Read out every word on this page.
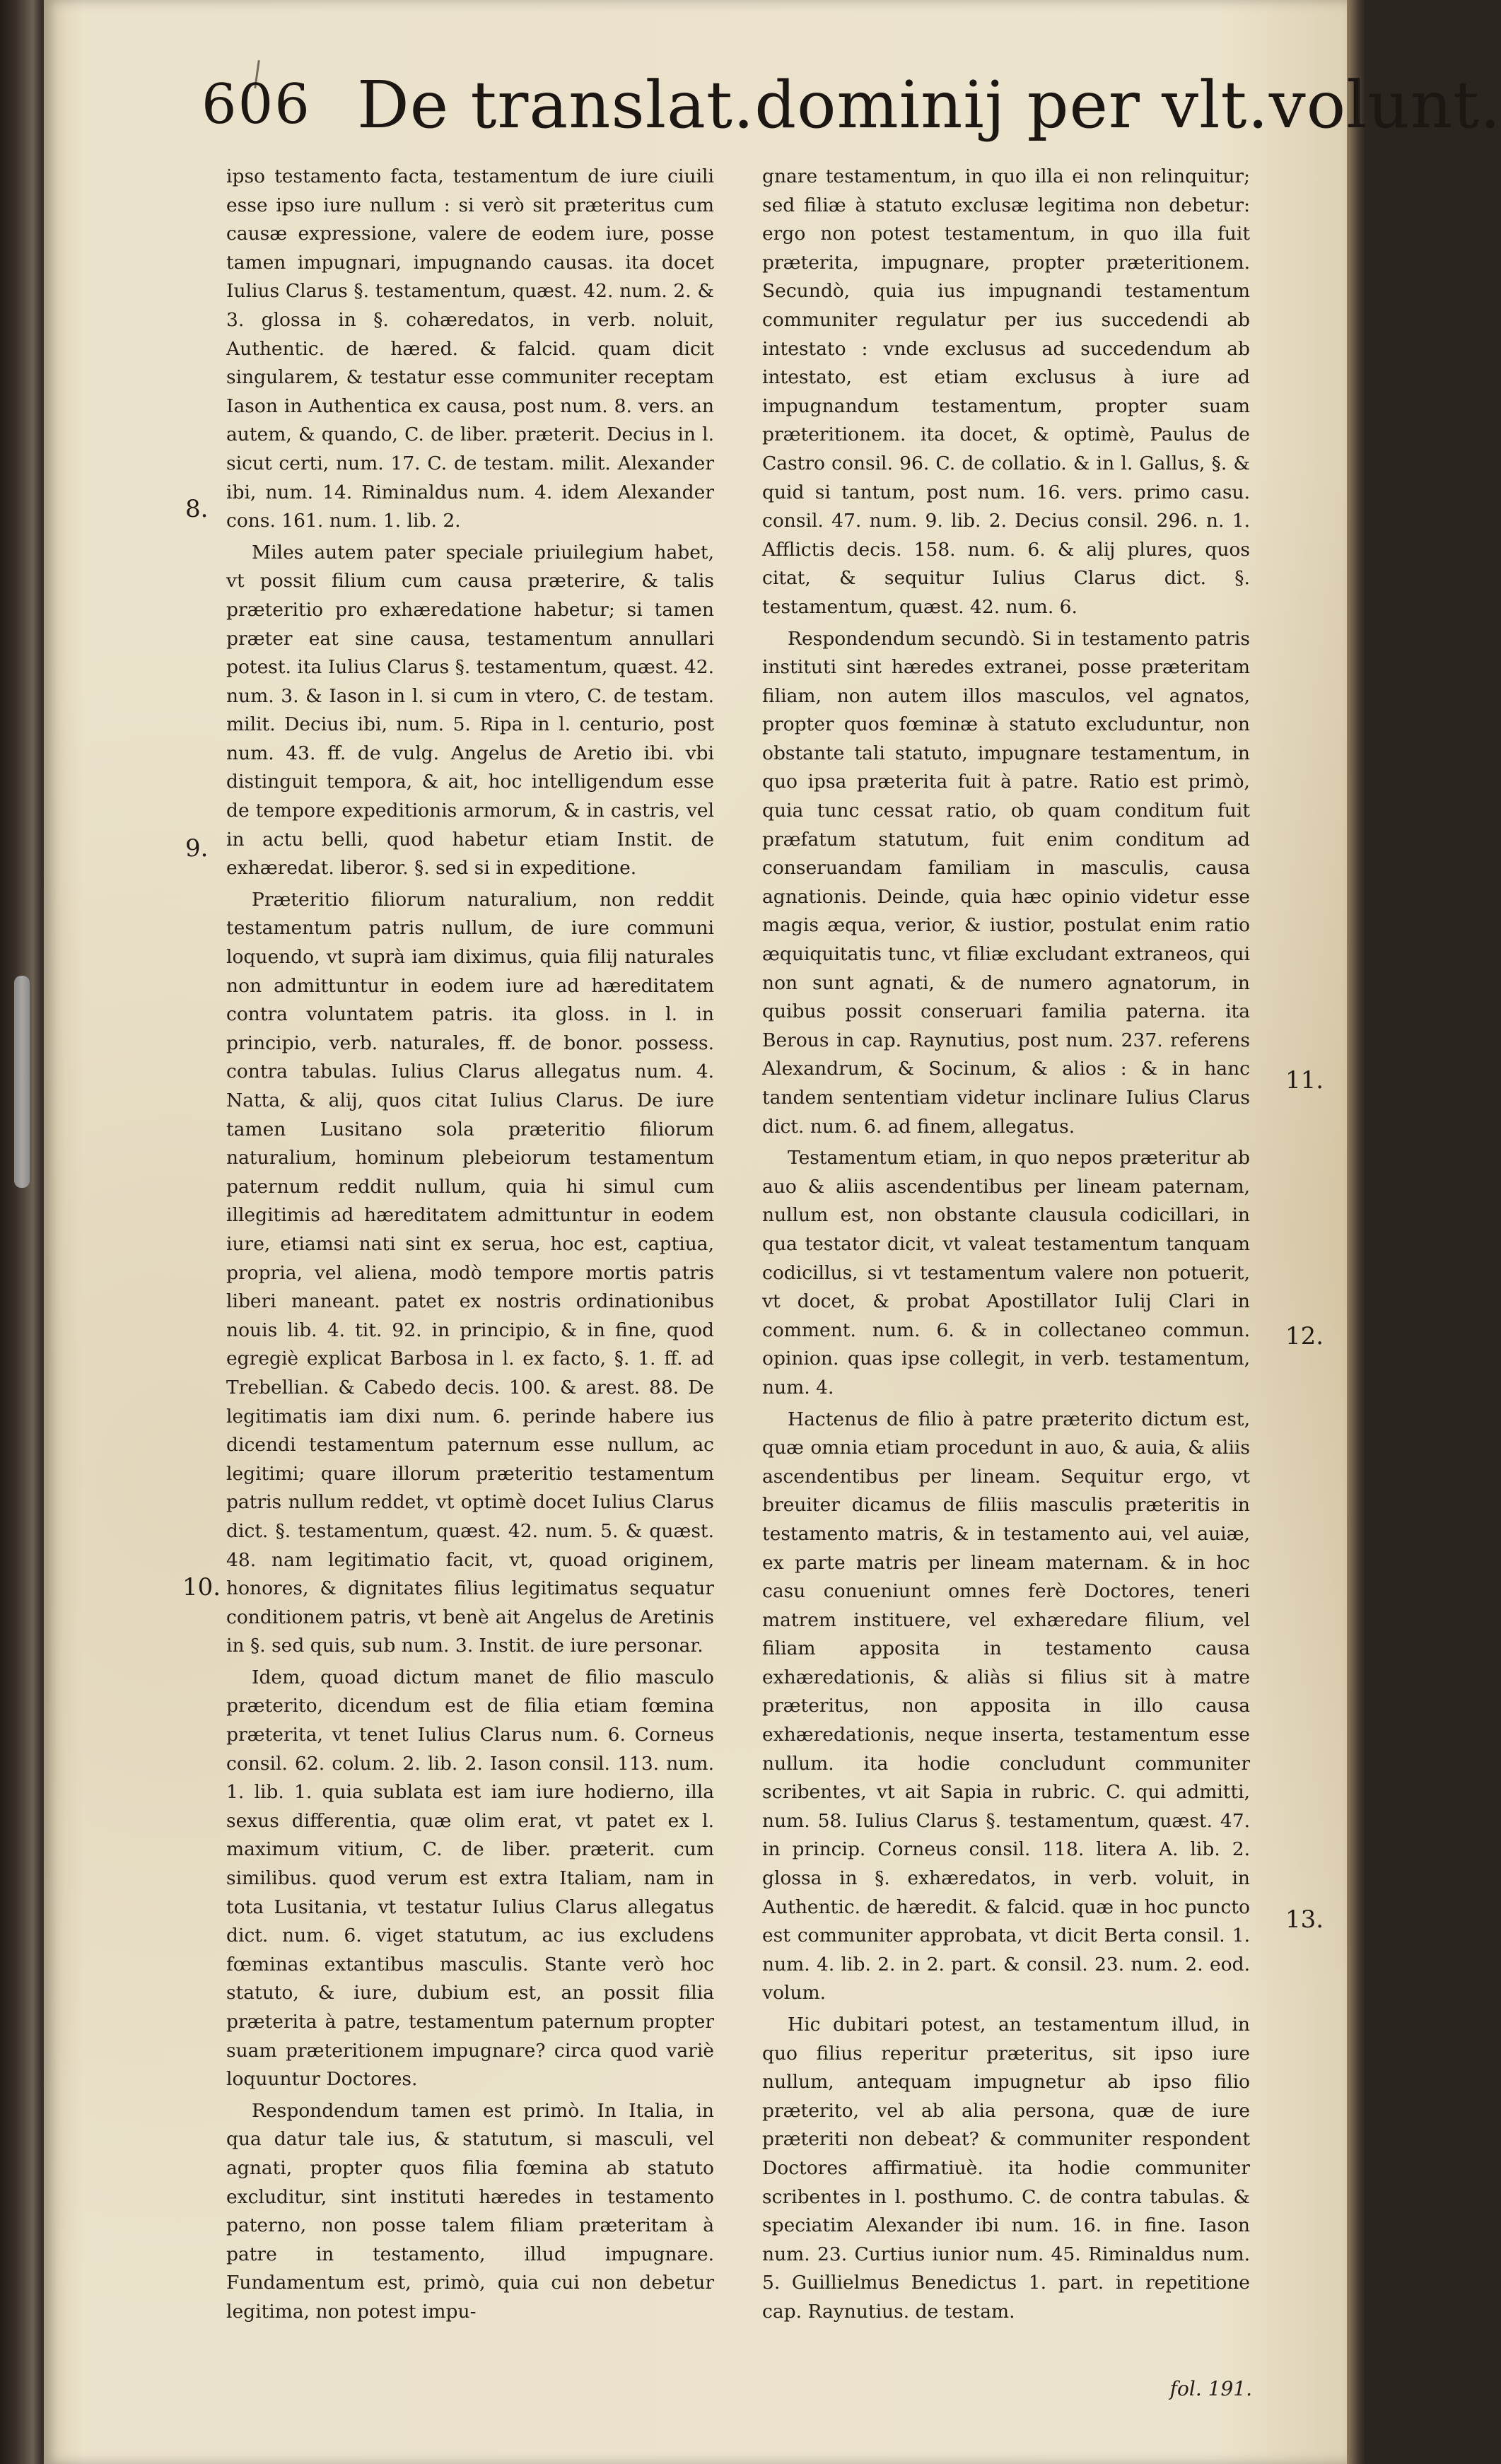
606 De translat.dominij per vlt.volunt.

ipso testamento facta, testamentum de iure ciuili esse ipso iure nullum : si verò sit præteritus cum causæ expressione, valere de eodem iure, posse tamen impugnari, impugnando causas. ita docet Iulius Clarus §. testamentum, quæst. 42. num. 2. & 3. glossa in §. cohæredatos, in verb. noluit, Authentic. de hæred. & falcid. quam dicit singularem, & testatur esse communiter receptam Iason in Authentica ex causa, post num. 8. vers. an autem, & quando, C. de liber. præterit. Decius in l. sicut certi, num. 17. C. de testam. milit. Alexander ibi, num. 14. Riminaldus num. 4. idem Alexander cons. 161. num. 1. lib. 2.

Miles autem pater speciale priuilegium habet, vt possit filium cum causa præterire, & talis præteritio pro exhæredatione habetur; si tamen præter eat sine causa, testamentum annullari potest. ita Iulius Clarus §. testamentum, quæst. 42. num. 3. & Iason in l. si cum in vtero, C. de testam. milit. Decius ibi, num. 5. Ripa in l. centurio, post num. 43. ff. de vulg. Angelus de Aretio ibi. vbi distinguit tempora, & ait, hoc intelligendum esse de tempore expeditionis armorum, & in castris, vel in actu belli, quod habetur etiam Instit. de exhæredat. liberor. §. sed si in expeditione.

Præteritio filiorum naturalium, non reddit testamentum patris nullum, de iure communi loquendo, vt suprà iam diximus, quia filij naturales non admittuntur in eodem iure ad hæreditatem contra voluntatem patris. ita gloss. in l. in principio, verb. naturales, ff. de bonor. possess. contra tabulas. Iulius Clarus allegatus num. 4. Natta, & alij, quos citat Iulius Clarus. De iure tamen Lusitano sola præteritio filiorum naturalium, hominum plebeiorum testamentum paternum reddit nullum, quia hi simul cum illegitimis ad hæreditatem admittuntur in eodem iure, etiamsi nati sint ex serua, hoc est, captiua, propria, vel aliena, modò tempore mortis patris liberi maneant. patet ex nostris ordinationibus nouis lib. 4. tit. 92. in principio, & in fine, quod egregiè explicat Barbosa in l. ex facto, §. 1. ff. ad Trebellian. & Cabedo decis. 100. & arest. 88. De legitimatis iam dixi num. 6. perinde habere ius dicendi testamentum paternum esse nullum, ac legitimi; quare illorum præteritio testamentum patris nullum reddet, vt optimè docet Iulius Clarus dict. §. testamentum, quæst. 42. num. 5. & quæst. 48. nam legitimatio facit, vt, quoad originem, honores, & dignitates filius legitimatus sequatur conditionem patris, vt benè ait Angelus de Aretinis in §. sed quis, sub num. 3. Instit. de iure personar.

Idem, quoad dictum manet de filio masculo præterito, dicendum est de filia etiam fœmina præterita, vt tenet Iulius Clarus num. 6. Corneus consil. 62. colum. 2. lib. 2. Iason consil. 113. num. 1. lib. 1. quia sublata est iam iure hodierno, illa sexus differentia, quæ olim erat, vt patet ex l. maximum vitium, C. de liber. præterit. cum similibus. quod verum est extra Italiam, nam in tota Lusitania, vt testatur Iulius Clarus allegatus dict. num. 6. viget statutum, ac ius excludens fœminas extantibus masculis. Stante verò hoc statuto, & iure, dubium est, an possit filia præterita à patre, testamentum paternum propter suam præteritionem impugnare? circa quod variè loquuntur Doctores.

Respondendum tamen est primò. In Italia, in qua datur tale ius, & statutum, si masculi, vel agnati, propter quos filia fœmina ab statuto excluditur, sint instituti hæredes in testamento paterno, non posse talem filiam præteritam à patre in testamento, illud impugnare. Fundamentum est, primò, quia cui non debetur legitima, non potest impu-

gnare testamentum, in quo illa ei non relinquitur; sed filiæ à statuto exclusæ legitima non debetur: ergo non potest testamentum, in quo illa fuit præterita, impugnare, propter præteritionem. Secundò, quia ius impugnandi testamentum communiter regulatur per ius succedendi ab intestato : vnde exclusus ad succedendum ab intestato, est etiam exclusus à iure ad impugnandum testamentum, propter suam præteritionem. ita docet, & optimè, Paulus de Castro consil. 96. C. de collatio. & in l. Gallus, §. & quid si tantum, post num. 16. vers. primo casu. consil. 47. num. 9. lib. 2. Decius consil. 296. n. 1. Afflictis decis. 158. num. 6. & alij plures, quos citat, & sequitur Iulius Clarus dict. §. testamentum, quæst. 42. num. 6.

Respondendum secundò. Si in testamento patris instituti sint hæredes extranei, posse præteritam filiam, non autem illos masculos, vel agnatos, propter quos fœminæ à statuto excluduntur, non obstante tali statuto, impugnare testamentum, in quo ipsa præterita fuit à patre. Ratio est primò, quia tunc cessat ratio, ob quam conditum fuit præfatum statutum, fuit enim conditum ad conseruandam familiam in masculis, causa agnationis. Deinde, quia hæc opinio videtur esse magis æqua, verior, & iustior, postulat enim ratio æquiquitatis tunc, vt filiæ excludant extraneos, qui non sunt agnati, & de numero agnatorum, in quibus possit conseruari familia paterna. ita Berous in cap. Raynutius, post num. 237. referens Alexandrum, & Socinum, & alios : & in hanc tandem sententiam videtur inclinare Iulius Clarus dict. num. 6. ad finem, allegatus.

Testamentum etiam, in quo nepos præteritur ab auo & aliis ascendentibus per lineam paternam, nullum est, non obstante clausula codicillari, in qua testator dicit, vt valeat testamentum tanquam codicillus, si vt testamentum valere non potuerit, vt docet, & probat Apostillator Iulij Clari in comment. num. 6. & in collectaneo commun. opinion. quas ipse collegit, in verb. testamentum, num. 4.

Hactenus de filio à patre præterito dictum est, quæ omnia etiam procedunt in auo, & auia, & aliis ascendentibus per lineam. Sequitur ergo, vt breuiter dicamus de filiis masculis præteritis in testamento matris, & in testamento aui, vel auiæ, ex parte matris per lineam maternam. & in hoc casu conueniunt omnes ferè Doctores, teneri matrem instituere, vel exhæredare filium, vel filiam apposita in testamento causa exhæredationis, & aliàs si filius sit à matre præteritus, non apposita in illo causa exhæredationis, neque inserta, testamentum esse nullum. ita hodie concludunt communiter scribentes, vt ait Sapia in rubric. C. qui admitti, num. 58. Iulius Clarus §. testamentum, quæst. 47. in princip. Corneus consil. 118. litera A. lib. 2. glossa in §. exhæredatos, in verb. voluit, in Authentic. de hæredit. & falcid. quæ in hoc puncto est communiter approbata, vt dicit Berta consil. 1. num. 4. lib. 2. in 2. part. & consil. 23. num. 2. eod. volum.

Hic dubitari potest, an testamentum illud, in quo filius reperitur præteritus, sit ipso iure nullum, antequam impugnetur ab ipso filio præterito, vel ab alia persona, quæ de iure præteriti non debeat? & communiter respondent Doctores affirmatiuè. ita hodie communiter scribentes in l. posthumo. C. de contra tabulas. & speciatim Alexander ibi num. 16. in fine. Iason num. 23. Curtius iunior num. 45. Riminaldus num. 5. Guillielmus Benedictus 1. part. in repetitione cap. Raynutius. de testam.

8.
9.
10.
11.
12.
13.
fol. 191.
